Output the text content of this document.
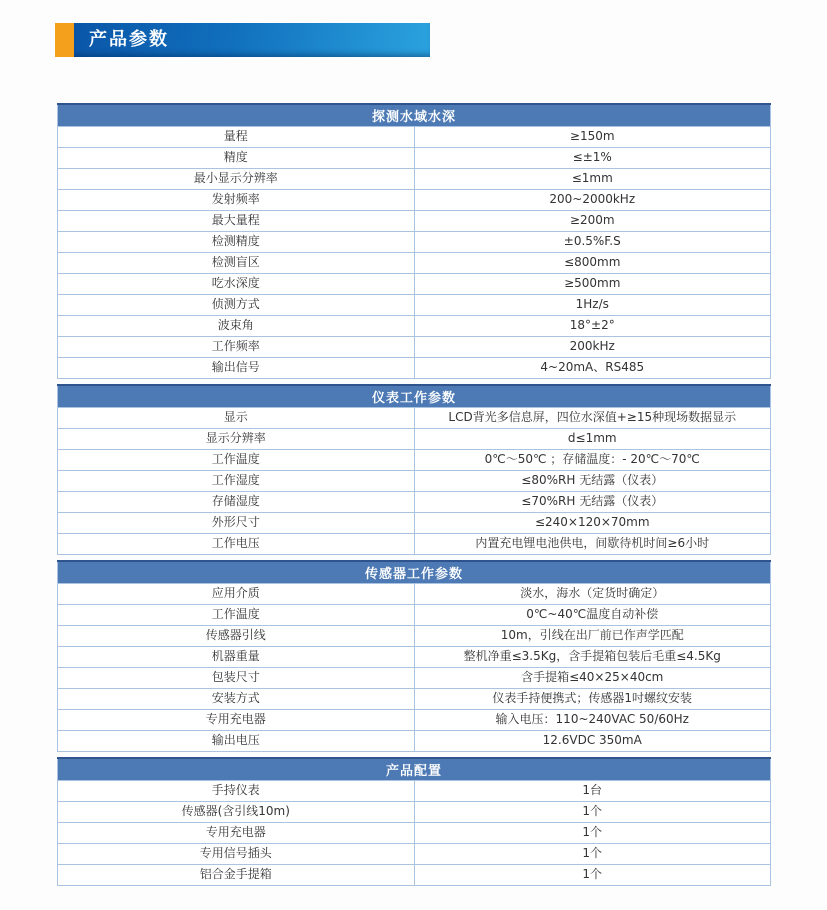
产品参数
探测水域水深	
量程	≥150m
精度	≤±1%
最小显示分辨率	≤1mm
发射频率	200~2000kHz
最大量程	≥200m
检测精度	±0.5%F.S
检测盲区	≤800mm
吃水深度	≥500mm
侦测方式	1Hz/s
波束角	18°±2°
工作频率	200kHz
输出信号	4~20mA、RS485
仪表工作参数	
显示	LCD背光多信息屏，四位水深值+≥15种现场数据显示
显示分辨率	d≤1mm
工作温度	0℃～50℃ ；存储温度：- 20℃～70℃
工作湿度	≤80%RH 无结露（仪表）
存储湿度	≤70%RH 无结露（仪表）
外形尺寸	≤240×120×70mm
工作电压	内置充电锂电池供电，间歇待机时间≥6小时
传感器工作参数	
应用介质	淡水，海水（定货时确定）
工作温度	0℃~40℃温度自动补偿
传感器引线	10m，引线在出厂前已作声学匹配
机器重量	整机净重≤3.5Kg，含手提箱包装后毛重≤4.5Kg
包装尺寸	含手提箱≤40×25×40cm
安装方式	仪表手持便携式；传感器1吋螺纹安装
专用充电器	输入电压：110~240VAC 50/60Hz
输出电压	12.6VDC 350mA
产品配置	
手持仪表	1台
传感器(含引线10m)	1个
专用充电器	1个
专用信号插头	1个
铝合金手提箱	1个
